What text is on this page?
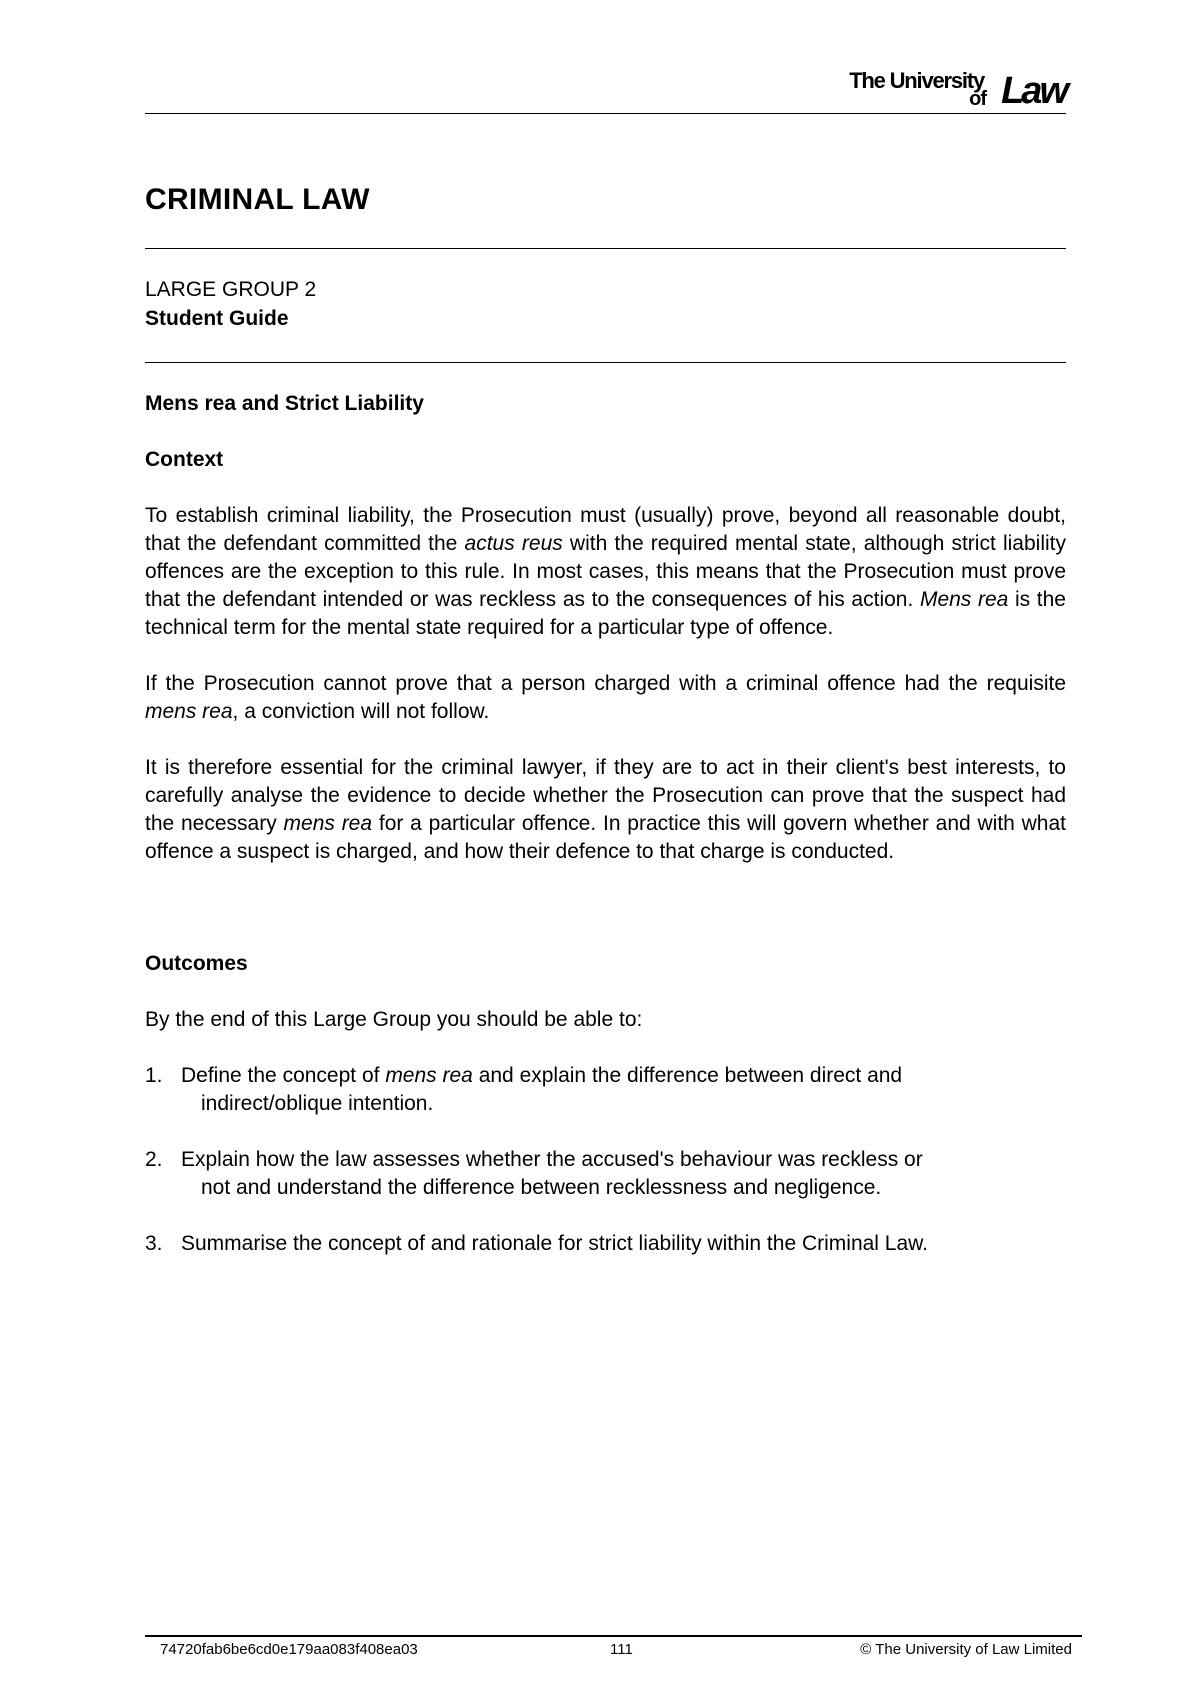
The University
of Law
CRIMINAL LAW
LARGE GROUP 2
Student Guide
Mens rea and Strict Liability
Context

To establish criminal liability, the Prosecution must (usually) prove, beyond all reasonable doubt, that the defendant committed the actus reus with the required mental state, although strict liability offences are the exception to this rule. In most cases, this means that the Prosecution must prove that the defendant intended or was reckless as to the consequences of his action. Mens rea is the technical term for the mental state required for a particular type of offence.

If the Prosecution cannot prove that a person charged with a criminal offence had the requisite mens rea, a conviction will not follow.

It is therefore essential for the criminal lawyer, if they are to act in their client's best interests, to carefully analyse the evidence to decide whether the Prosecution can prove that the suspect had the necessary mens rea for a particular offence. In practice this will govern whether and with what offence a suspect is charged, and how their defence to that charge is conducted.

Outcomes

By the end of this Large Group you should be able to:

1. Define the concept of mens rea and explain the difference between direct and
indirect/oblique intention.
2. Explain how the law assesses whether the accused's behaviour was reckless or
not and understand the difference between recklessness and negligence.
3. Summarise the concept of and rationale for strict liability within the Criminal Law.
74720fab6be6cd0e179aa083f408ea03	111	© The University of Law Limited
